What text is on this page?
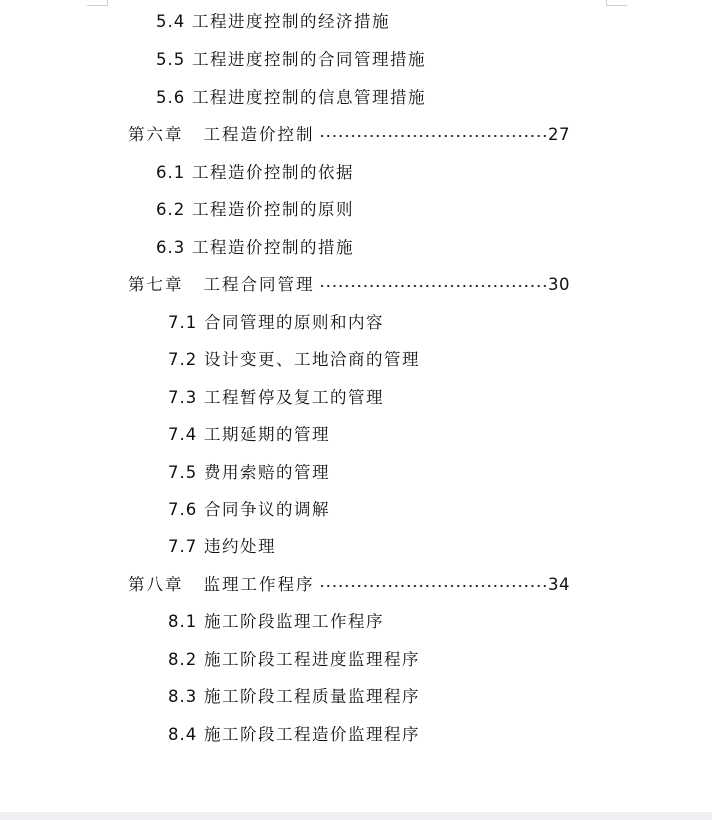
5.4 工程进度控制的经济措施
5.5 工程进度控制的合同管理措施
5.6 工程进度控制的信息管理措施
第六章 工程造价控制	27
6.1 工程造价控制的依据
6.2 工程造价控制的原则
6.3 工程造价控制的措施
第七章 工程合同管理	30
7.1 合同管理的原则和内容
7.2 设计变更、工地洽商的管理
7.3 工程暂停及复工的管理
7.4 工期延期的管理
7.5 费用索赔的管理
7.6 合同争议的调解
7.7 违约处理
第八章 监理工作程序	34
8.1 施工阶段监理工作程序
8.2 施工阶段工程进度监理程序
8.3 施工阶段工程质量监理程序
8.4 施工阶段工程造价监理程序
